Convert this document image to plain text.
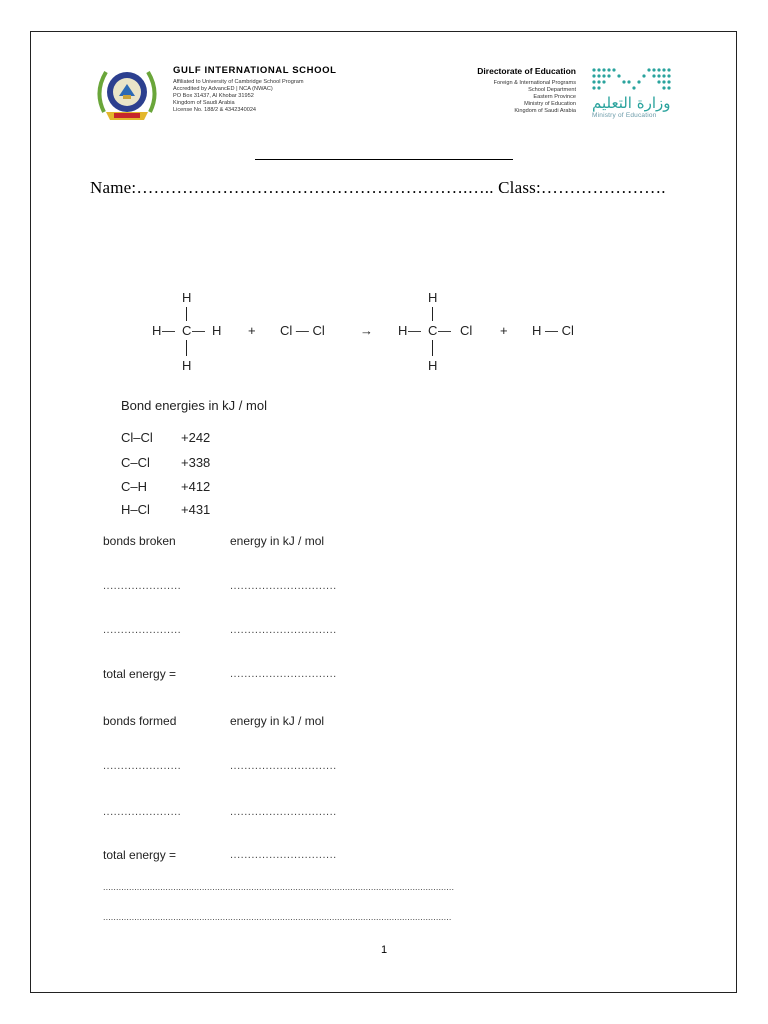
GULF INTERNATIONAL SCHOOL
Affiliated to University of Cambridge School Program
Accredited by AdvancED | NCA (NWAC)
PO Box 31437, Al Khobar 31952
Kingdom of Saudi Arabia
License No. 188/2 & 4342340024
Directorate of Education
Foreign & International Programs
School Department
Eastern Province
Ministry of Education
Kingdom of Saudi Arabia وزارة التعليم
Ministry of Education
Name:………………………………………………….….. Class:………………….
H
H — C — H
H
+ Cl — Cl	→
H
H — C — Cl
H
+ H — Cl
Bond energies in kJ / mol
Cl–Cl +242
C–Cl +338
C–H	+412
H–Cl +431
bonds broken	energy in kJ / mol
......................	..............................
......................	..............................
total energy =	..............................
bonds formed	energy in kJ / mol
......................	..............................
......................	..............................
total energy =	..............................
.......................................................................................................................................
......................................................................................................................................
1
